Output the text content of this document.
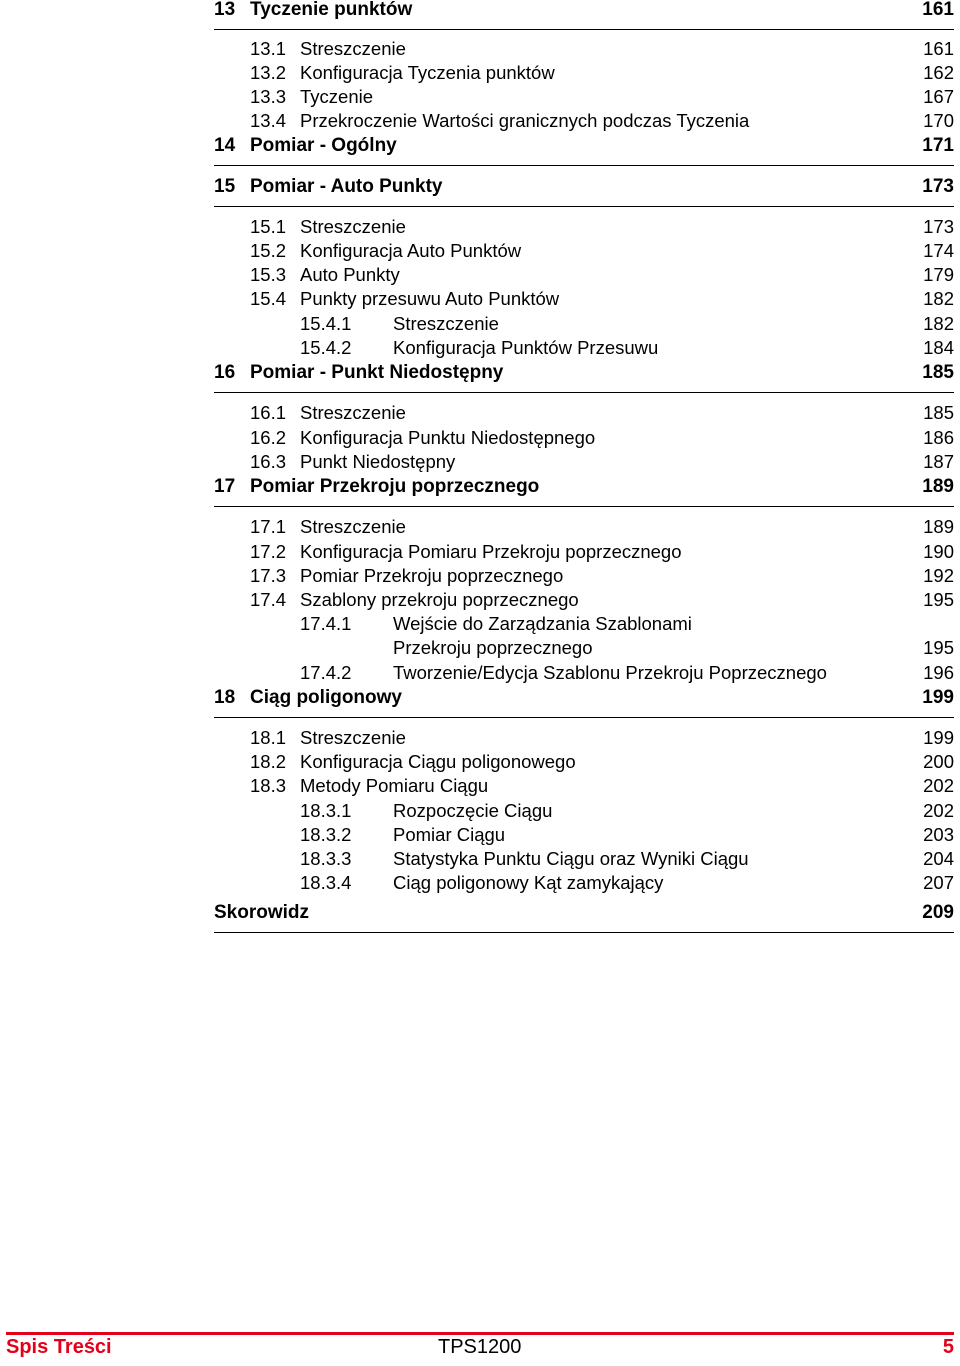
13 Tyczenie punktów	161
13.1 Streszczenie	161
13.2 Konfiguracja Tyczenia punktów	162
13.3 Tyczenie	167
13.4 Przekroczenie Wartości granicznych podczas Tyczenia	170
14 Pomiar - Ogólny	171
15 Pomiar - Auto Punkty	173
15.1 Streszczenie	173
15.2 Konfiguracja Auto Punktów	174
15.3 Auto Punkty	179
15.4 Punkty przesuwu Auto Punktów	182
15.4.1 Streszczenie	182
15.4.2 Konfiguracja Punktów Przesuwu	184
16 Pomiar - Punkt Niedostępny	185
16.1 Streszczenie	185
16.2 Konfiguracja Punktu Niedostępnego	186
16.3 Punkt Niedostępny	187
17 Pomiar Przekroju poprzecznego	189
17.1 Streszczenie	189
17.2 Konfiguracja Pomiaru Przekroju poprzecznego	190
17.3 Pomiar Przekroju poprzecznego	192
17.4 Szablony przekroju poprzecznego	195
17.4.1 Wejście do Zarządzania Szablonami
Przekroju poprzecznego	195
17.4.2 Tworzenie/Edycja Szablonu Przekroju Poprzecznego	196
18 Ciąg poligonowy	199
18.1 Streszczenie	199
18.2 Konfiguracja Ciągu poligonowego	200
18.3 Metody Pomiaru Ciągu	202
18.3.1 Rozpoczęcie Ciągu	202
18.3.2 Pomiar Ciągu	203
18.3.3 Statystyka Punktu Ciągu oraz Wyniki Ciągu	204
18.3.4 Ciąg poligonowy Kąt zamykający	207
Skorowidz	209
Spis Treści	TPS1200	5
